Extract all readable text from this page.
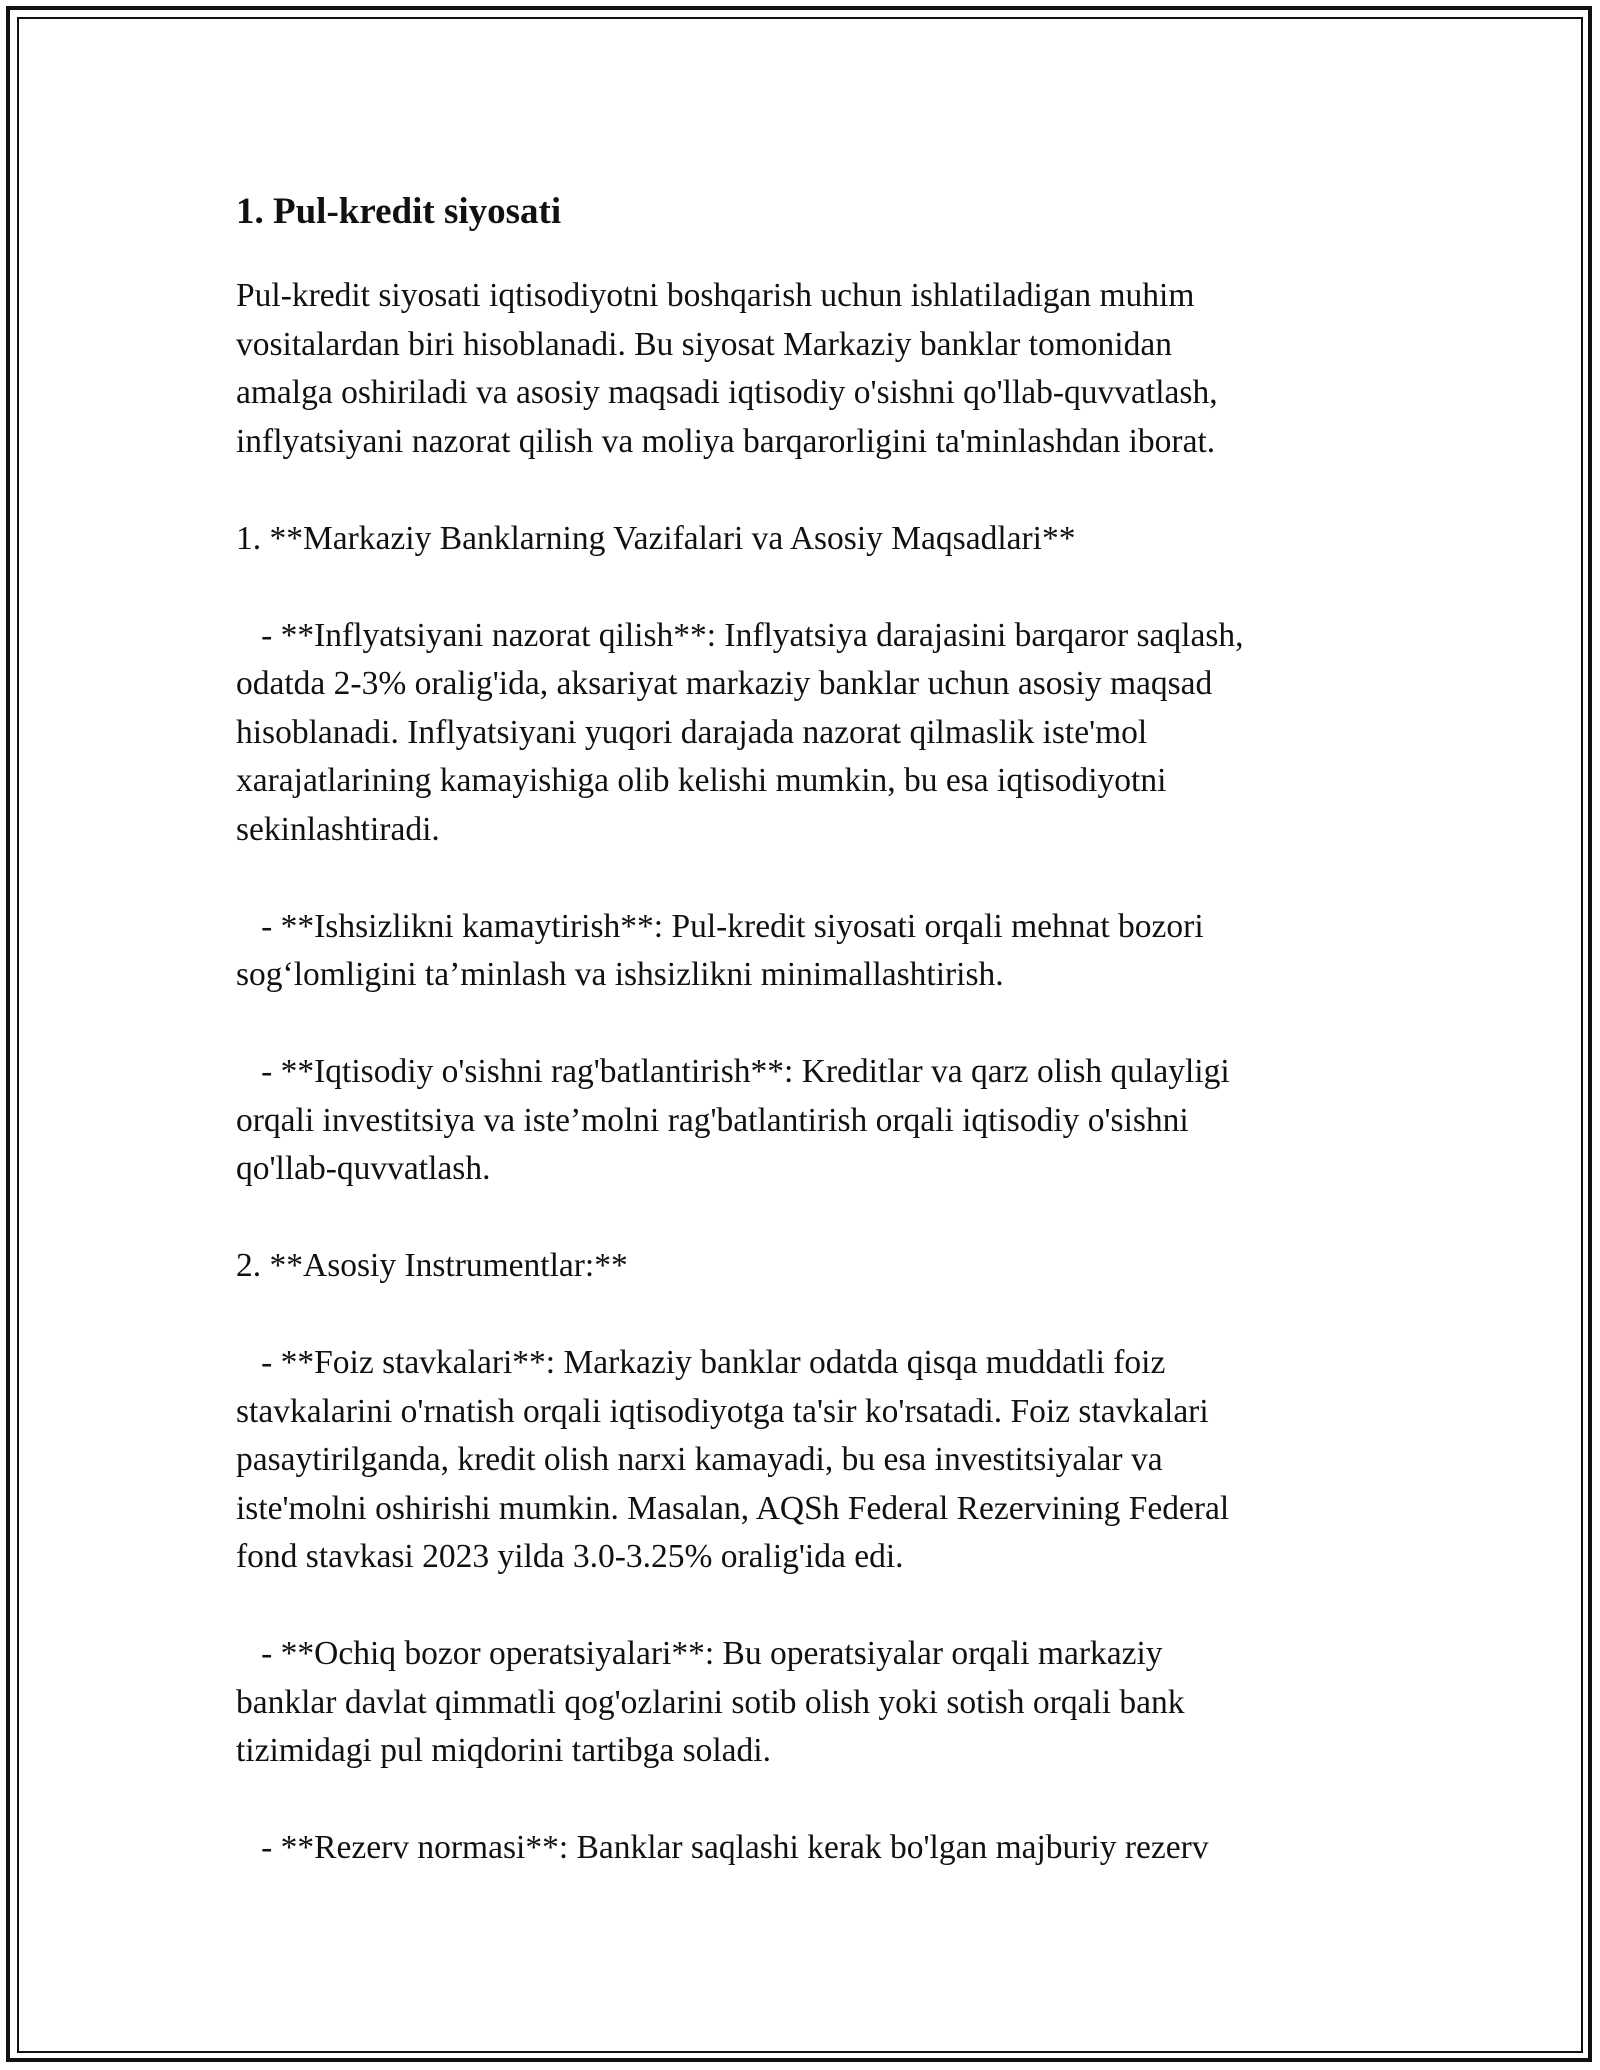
1. Pul-kredit siyosati

Pul-kredit siyosati iqtisodiyotni boshqarish uchun ishlatiladigan muhim
vositalardan biri hisoblanadi. Bu siyosat Markaziy banklar tomonidan
amalga oshiriladi va asosiy maqsadi iqtisodiy o'sishni qo'llab-quvvatlash,
inflyatsiyani nazorat qilish va moliya barqarorligini ta'minlashdan iborat.

1. **Markaziy Banklarning Vazifalari va Asosiy Maqsadlari**

- **Inflyatsiyani nazorat qilish**: Inflyatsiya darajasini barqaror saqlash,
odatda 2-3% oralig'ida, aksariyat markaziy banklar uchun asosiy maqsad
hisoblanadi. Inflyatsiyani yuqori darajada nazorat qilmaslik iste'mol
xarajatlarining kamayishiga olib kelishi mumkin, bu esa iqtisodiyotni
sekinlashtiradi.

- **Ishsizlikni kamaytirish**: Pul-kredit siyosati orqali mehnat bozori
sog‘lomligini ta’minlash va ishsizlikni minimallashtirish.

- **Iqtisodiy o'sishni rag'batlantirish**: Kreditlar va qarz olish qulayligi
orqali investitsiya va iste’molni rag'batlantirish orqali iqtisodiy o'sishni
qo'llab-quvvatlash.

2. **Asosiy Instrumentlar:**

- **Foiz stavkalari**: Markaziy banklar odatda qisqa muddatli foiz
stavkalarini o'rnatish orqali iqtisodiyotga ta'sir ko'rsatadi. Foiz stavkalari
pasaytirilganda, kredit olish narxi kamayadi, bu esa investitsiyalar va
iste'molni oshirishi mumkin. Masalan, AQSh Federal Rezervining Federal
fond stavkasi 2023 yilda 3.0-3.25% oralig'ida edi.

- **Ochiq bozor operatsiyalari**: Bu operatsiyalar orqali markaziy
banklar davlat qimmatli qog'ozlarini sotib olish yoki sotish orqali bank
tizimidagi pul miqdorini tartibga soladi.

- **Rezerv normasi**: Banklar saqlashi kerak bo'lgan majburiy rezerv
